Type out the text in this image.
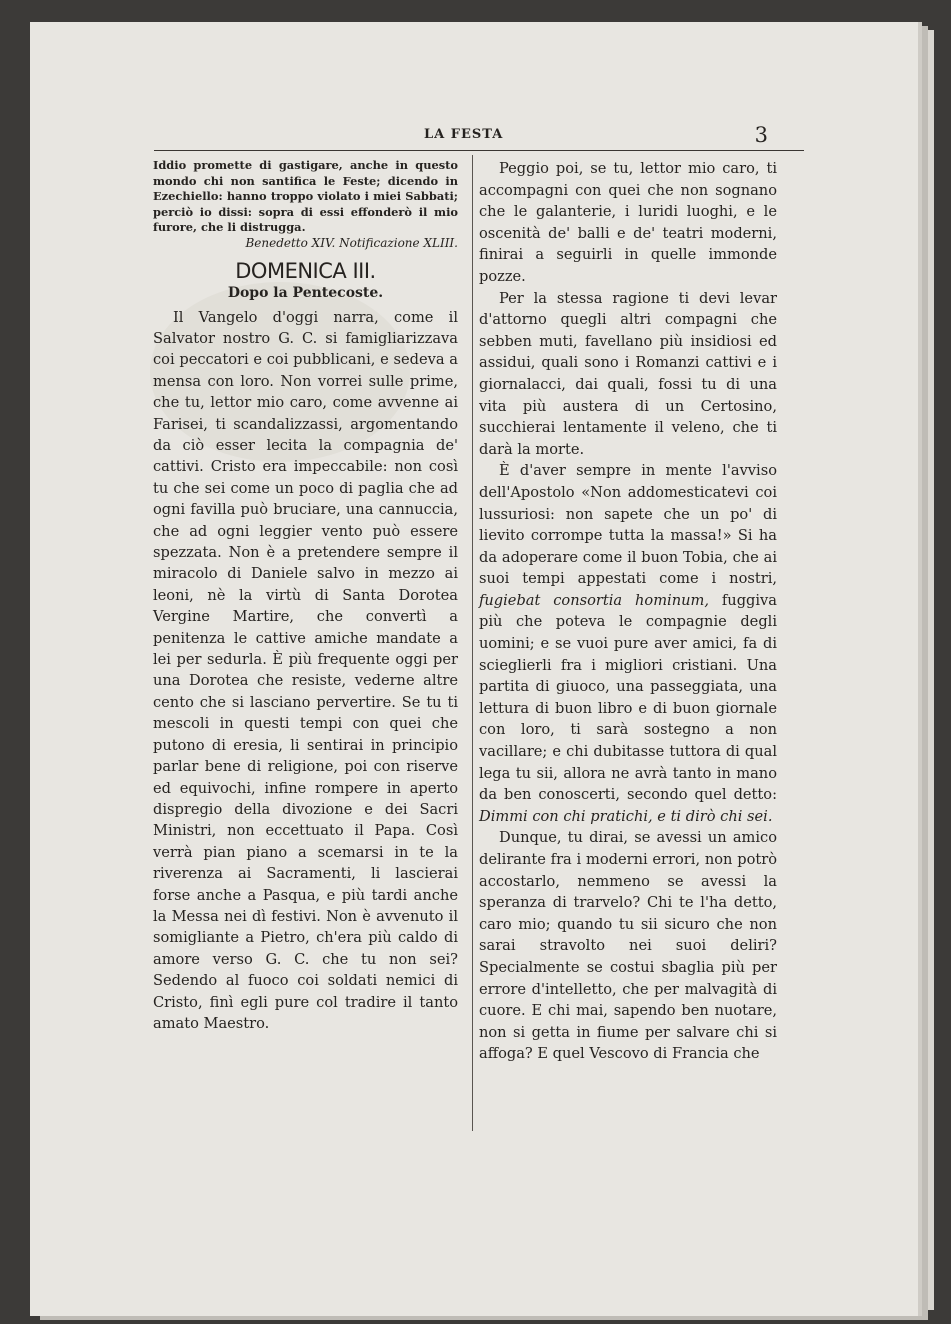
LA FESTA	3

Iddio promette di gastigare, anche in questo mondo chi non santifica le Feste; dicendo in Ezechiello: hanno troppo violato i miei Sabbati; perciò io dissi: sopra di essi effonderò il mio furore, che li distrugga.

Benedetto XIV. Notificazione XLIII.

DOMENICA III.
Dopo la Pentecoste.

Il Vangelo d'oggi narra, come il Salvator nostro G. C. si famigliarizzava coi peccatori e coi pubblicani, e sedeva a mensa con loro. Non vorrei sulle prime, che tu, lettor mio caro, come avvenne ai Farisei, ti scandalizzassi, argomentando da ciò esser lecita la compagnia de' cattivi. Cristo era impeccabile: non così tu che sei come un poco di paglia che ad ogni favilla può bruciare, una cannuccia, che ad ogni leggier vento può essere spezzata. Non è a pretendere sempre il miracolo di Daniele salvo in mezzo ai leoni, nè la virtù di Santa Dorotea Vergine Martire, che convertì a penitenza le cattive amiche mandate a lei per sedurla. È più frequente oggi per una Dorotea che resiste, vederne altre cento che si lasciano pervertire. Se tu ti mescoli in questi tempi con quei che putono di eresia, li sentirai in principio parlar bene di religione, poi con riserve ed equivochi, infine rompere in aperto dispregio della divozione e dei Sacri Ministri, non eccettuato il Papa. Così verrà pian piano a scemarsi in te la riverenza ai Sacramenti, li lascierai forse anche a Pasqua, e più tardi anche la Messa nei dì festivi. Non è avvenuto il somigliante a Pietro, ch'era più caldo di amore verso G. C. che tu non sei? Sedendo al fuoco coi soldati nemici di Cristo, finì egli pure col tradire il tanto amato Maestro.

Peggio poi, se tu, lettor mio caro, ti accompagni con quei che non sognano che le galanterie, i luridi luoghi, e le oscenità de' balli e de' teatri moderni, finirai a seguirli in quelle immonde pozze.

Per la stessa ragione ti devi levar d'attorno quegli altri compagni che sebben muti, favellano più insidiosi ed assidui, quali sono i Romanzi cattivi e i giornalacci, dai quali, fossi tu di una vita più austera di un Certosino, succhierai lentamente il veleno, che ti darà la morte.

È d'aver sempre in mente l'avviso dell'Apostolo «Non addomesticatevi coi lussuriosi: non sapete che un po' di lievito corrompe tutta la massa!» Si ha da adoperare come il buon Tobia, che ai suoi tempi appestati come i nostri, fugiebat consortia hominum, fuggiva più che poteva le compagnie degli uomini; e se vuoi pure aver amici, fa di scieglierli fra i migliori cristiani. Una partita di giuoco, una passeggiata, una lettura di buon libro e di buon giornale con loro, ti sarà sostegno a non vacillare; e chi dubitasse tuttora di qual lega tu sii, allora ne avrà tanto in mano da ben conoscerti, secondo quel detto: Dimmi con chi pratichi, e ti dirò chi sei.

Dunque, tu dirai, se avessi un amico delirante fra i moderni errori, non potrò accostarlo, nemmeno se avessi la speranza di trarvelo? Chi te l'ha detto, caro mio; quando tu sii sicuro che non sarai stravolto nei suoi deliri? Specialmente se costui sbaglia più per errore d'intelletto, che per malvagità di cuore. E chi mai, sapendo ben nuotare, non si getta in fiume per salvare chi si affoga? E quel Vescovo di Francia che
